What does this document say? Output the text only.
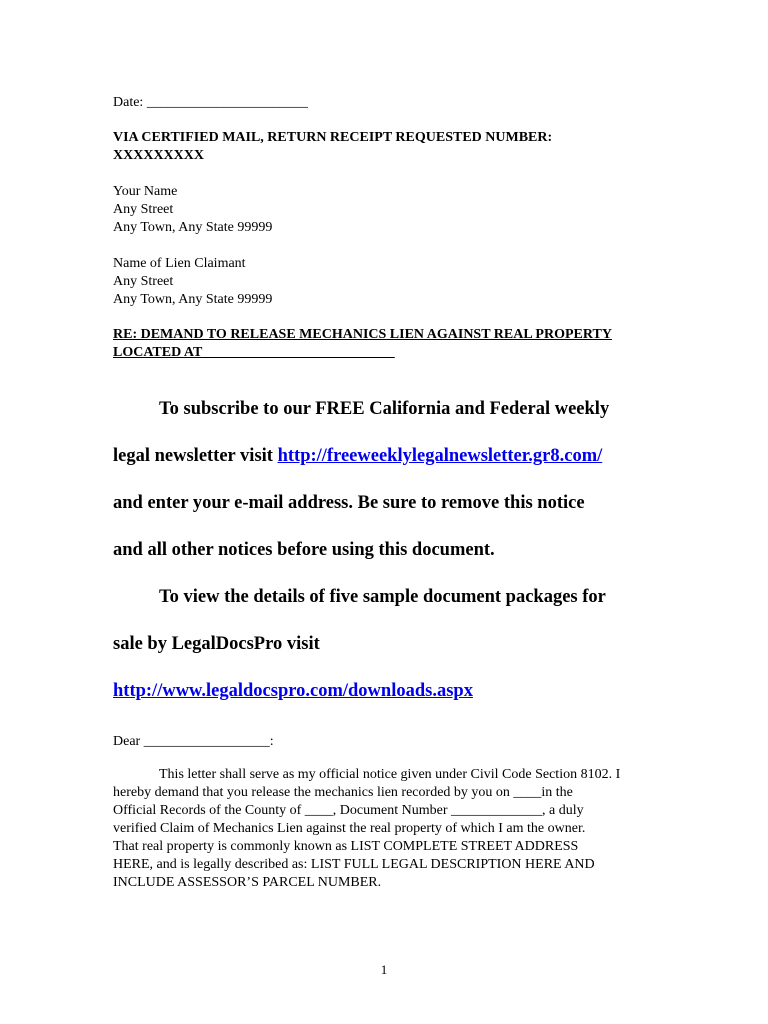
Date: _______________________

VIA CERTIFIED MAIL, RETURN RECEIPT REQUESTED NUMBER:
XXXXXXXXX

Your Name
Any Street
Any Town, Any State 99999

Name of Lien Claimant
Any Street
Any Town, Any State 99999

RE: DEMAND TO RELEASE MECHANICS LIEN AGAINST REAL PROPERTY
LOCATED AT ___________________________

To subscribe to our FREE California and Federal weekly
legal newsletter visit http://freeweeklylegalnewsletter.gr8.com/
and enter your e-mail address. Be sure to remove this notice
and all other notices before using this document.
To view the details of five sample document packages for
sale by LegalDocsPro visit
http://www.legaldocspro.com/downloads.aspx

Dear __________________:

This letter shall serve as my official notice given under Civil Code Section 8102. I
hereby demand that you release the mechanics lien recorded by you on ____in the
Official Records of the County of ____, Document Number _____________, a duly
verified Claim of Mechanics Lien against the real property of which I am the owner.
That real property is commonly known as LIST COMPLETE STREET ADDRESS
HERE, and is legally described as: LIST FULL LEGAL DESCRIPTION HERE AND
INCLUDE ASSESSOR’S PARCEL NUMBER.
1
